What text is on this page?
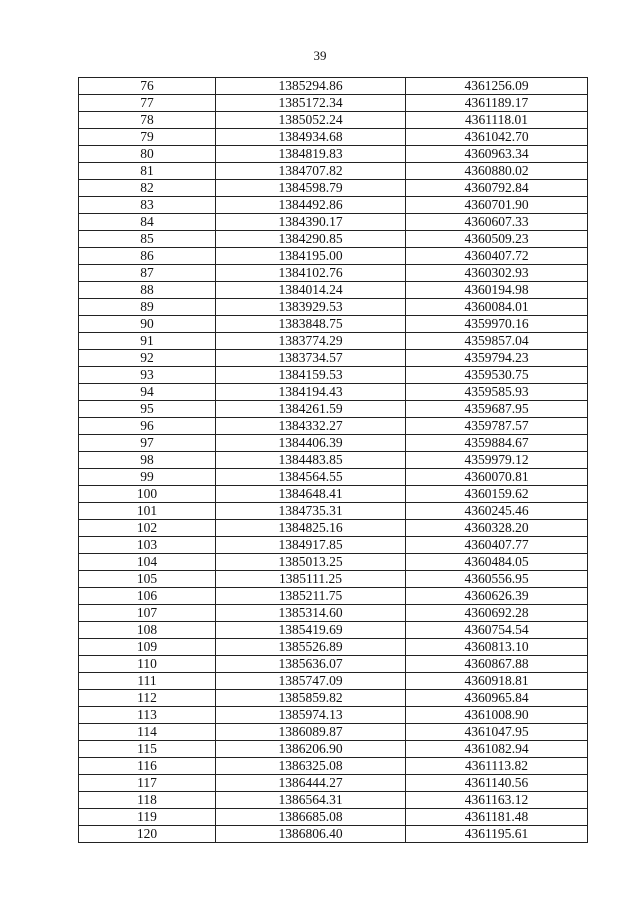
39
76	1385294.86	4361256.09
77	1385172.34	4361189.17
78	1385052.24	4361118.01
79	1384934.68	4361042.70
80	1384819.83	4360963.34
81	1384707.82	4360880.02
82	1384598.79	4360792.84
83	1384492.86	4360701.90
84	1384390.17	4360607.33
85	1384290.85	4360509.23
86	1384195.00	4360407.72
87	1384102.76	4360302.93
88	1384014.24	4360194.98
89	1383929.53	4360084.01
90	1383848.75	4359970.16
91	1383774.29	4359857.04
92	1383734.57	4359794.23
93	1384159.53	4359530.75
94	1384194.43	4359585.93
95	1384261.59	4359687.95
96	1384332.27	4359787.57
97	1384406.39	4359884.67
98	1384483.85	4359979.12
99	1384564.55	4360070.81
100	1384648.41	4360159.62
101	1384735.31	4360245.46
102	1384825.16	4360328.20
103	1384917.85	4360407.77
104	1385013.25	4360484.05
105	1385111.25	4360556.95
106	1385211.75	4360626.39
107	1385314.60	4360692.28
108	1385419.69	4360754.54
109	1385526.89	4360813.10
110	1385636.07	4360867.88
111	1385747.09	4360918.81
112	1385859.82	4360965.84
113	1385974.13	4361008.90
114	1386089.87	4361047.95
115	1386206.90	4361082.94
116	1386325.08	4361113.82
117	1386444.27	4361140.56
118	1386564.31	4361163.12
119	1386685.08	4361181.48
120	1386806.40	4361195.61
